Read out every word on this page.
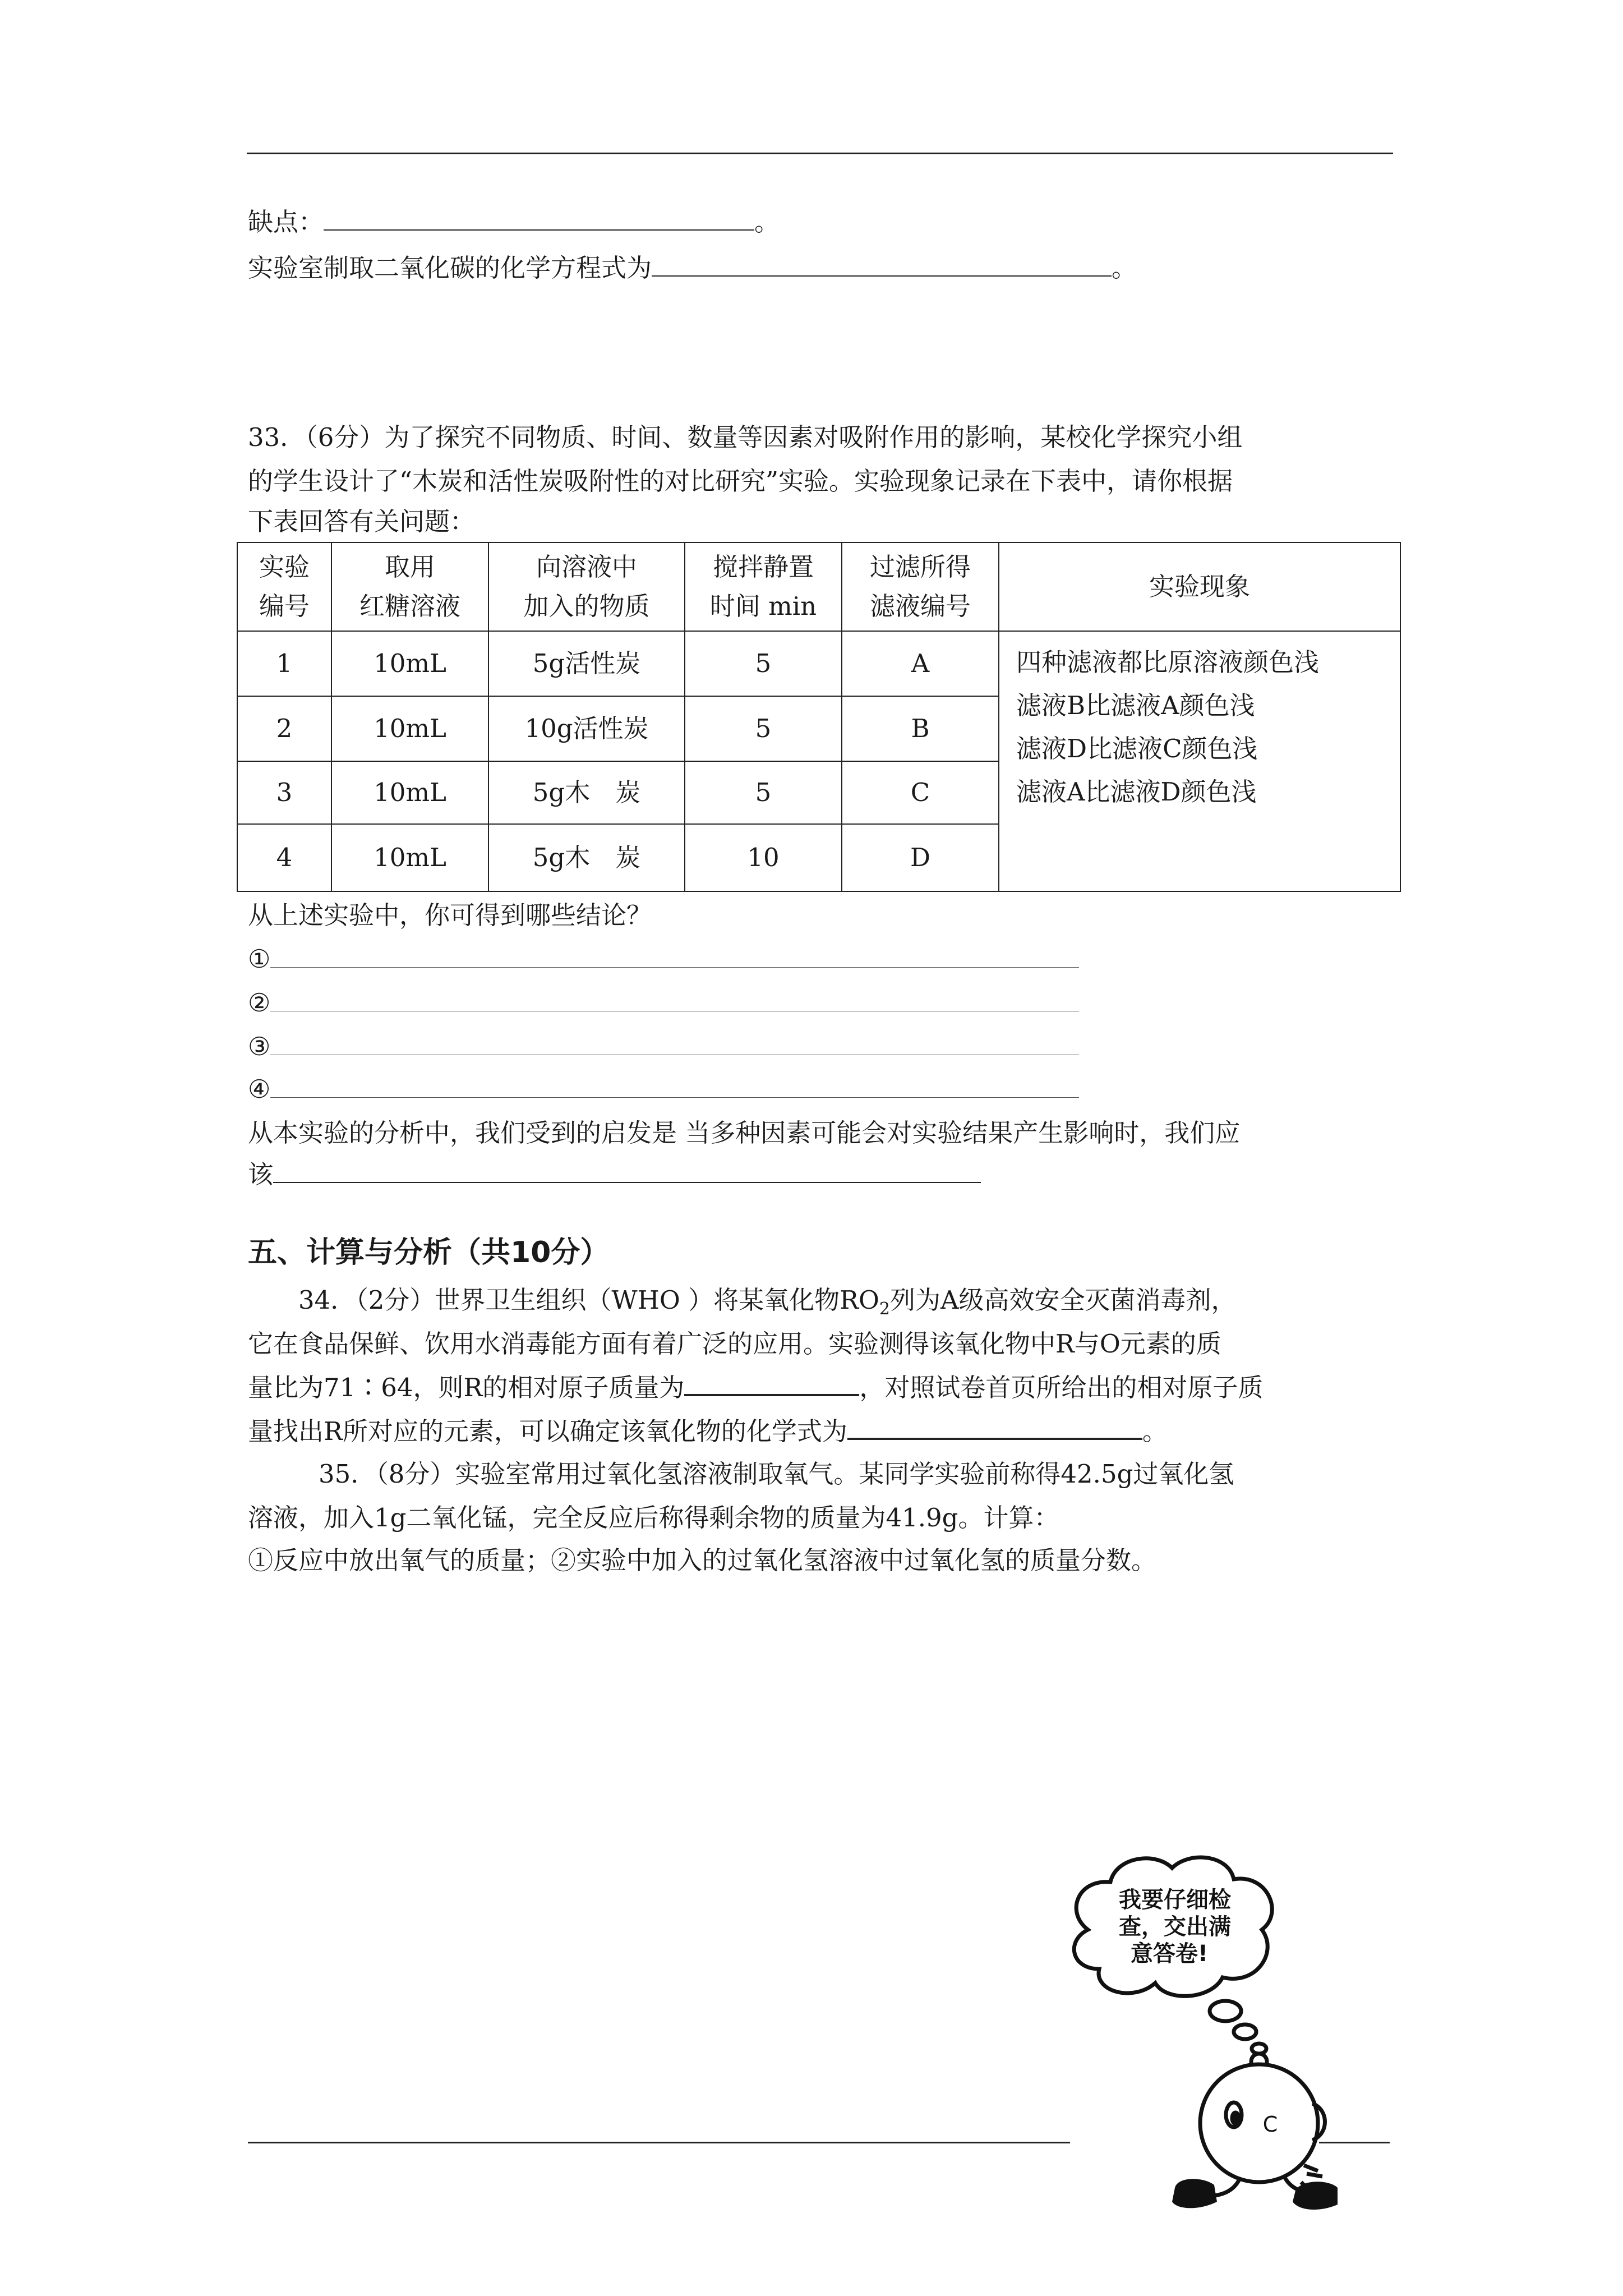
缺点：	。
实验室制取二氧化碳的化学方程式为	。
33．（6分）为了探究不同物质、时间、数量等因素对吸附作用的影响，某校化学探究小组
的学生设计了“木炭和活性炭吸附性的对比研究”实验。实验现象记录在下表中，请你根据
下表回答有关问题：
实验
编号	取用
红糖溶液	向溶液中
加入的物质	搅拌静置
时间 min	过滤所得
滤液编号	实验现象
1	10mL	5g活性炭	5	A	四种滤液都比原溶液颜色浅
滤液B比滤液A颜色浅
滤液D比滤液C颜色浅
滤液A比滤液D颜色浅

2	10mL	10g活性炭	5	B	
3	10mL	5g木　炭	5	C	
4	10mL	5g木　炭	10	D	
从上述实验中，你可得到哪些结论？
①
②
③
④
从本实验的分析中，我们受到的启发是 当多种因素可能会对实验结果产生影响时，我们应
该
五、计算与分析（共10分）
34．（2分）世界卫生组织（WHO ）将某氧化物$RO_2$列为A级高效安全灭菌消毒剂，
它在食品保鲜、饮用水消毒能方面有着广泛的应用。实验测得该氧化物中R与O元素的质
量比为71∶64，则R的相对原子质量为	，对照试卷首页所给出的相对原子质
量找出R所对应的元素，可以确定该氧化物的化学式为	。
35．（8分）实验室常用过氧化氢溶液制取氧气。某同学实验前称得42.5g过氧化氢
溶液，加入1g二氧化锰，完全反应后称得剩余物的质量为41.9g。计算：
①反应中放出氧气的质量；②实验中加入的过氧化氢溶液中过氧化氢的质量分数。
我要仔细检
查，交出满
意答卷!
C
